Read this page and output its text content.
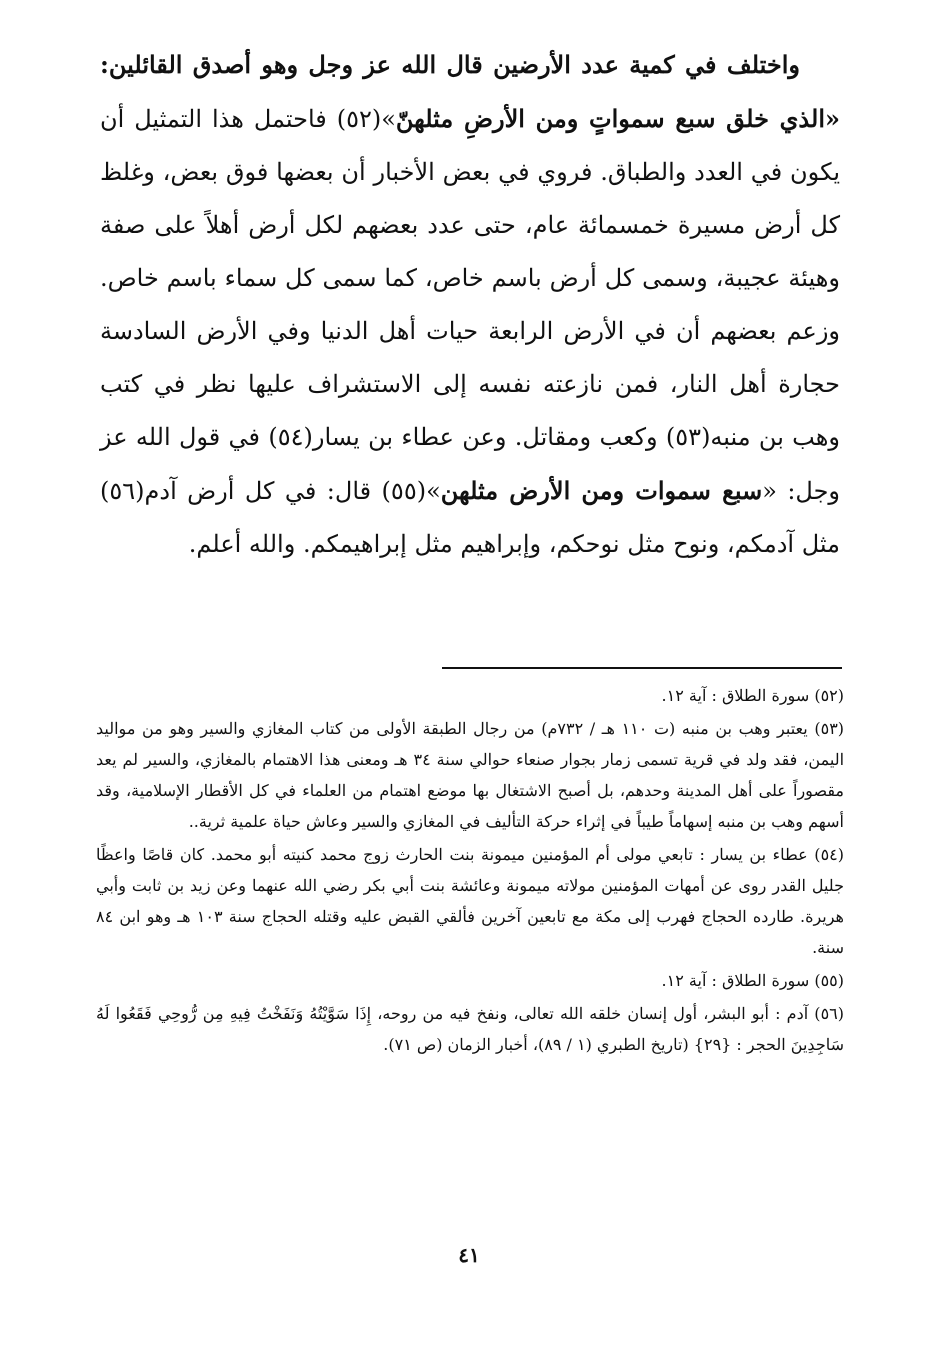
واختلف في كمية عدد الأرضين قال الله عز وجل وهو أصدق القائلين: «الذي خلق سبع سمواتٍ ومن الأرضِ مثلهنّ»(٥٢) فاحتمل هذا التمثيل أن يكون في العدد والطباق. فروي في بعض الأخبار أن بعضها فوق بعض، وغلظ كل أرض مسيرة خمسمائة عام، حتى عدد بعضهم لكل أرض أهلاً على صفة وهيئة عجيبة، وسمى كل أرض باسم خاص، كما سمى كل سماء باسم خاص. وزعم بعضهم أن في الأرض الرابعة حيات أهل الدنيا وفي الأرض السادسة حجارة أهل النار، فمن نازعته نفسه إلى الاستشراف عليها نظر في كتب وهب بن منبه(٥٣) وكعب ومقاتل. وعن عطاء بن يسار(٥٤) في قول الله عز وجل: «سبع سموات ومن الأرض مثلهن»(٥٥) قال: في كل أرض آدم(٥٦) مثل آدمكم، ونوح مثل نوحكم، وإبراهيم مثل إبراهيمكم. والله أعلم.

(٥٢) سورة الطلاق : آية ١٢.

(٥٣) يعتبر وهب بن منبه (ت ١١٠ هـ / ٧٣٢م) من رجال الطبقة الأولى من كتاب المغازي والسير وهو من مواليد اليمن، فقد ولد في قرية تسمى زمار بجوار صنعاء حوالي سنة ٣٤ هـ ومعنى هذا الاهتمام بالمغازي، والسير لم يعد مقصوراً على أهل المدينة وحدهم، بل أصبح الاشتغال بها موضع اهتمام من العلماء في كل الأقطار الإسلامية، وقد أسهم وهب بن منبه إسهاماً طيباً في إثراء حركة التأليف في المغازي والسير وعاش حياة علمية ثرية..

(٥٤) عطاء بن يسار : تابعي مولى أم المؤمنين ميمونة بنت الحارث زوج محمد كنيته أبو محمد. كان قاصًا واعظًا جليل القدر روى عن أمهات المؤمنين مولاته ميمونة وعائشة بنت أبي بكر رضي الله عنهما وعن زيد بن ثابت وأبي هريرة. طارده الحجاج فهرب إلى مكة مع تابعين آخرين فألقي القبض عليه وقتله الحجاج سنة ١٠٣ هـ وهو ابن ٨٤ سنة.

(٥٥) سورة الطلاق : آية ١٢.

(٥٦) آدم : أبو البشر، أول إنسان خلقه الله تعالى، ونفخ فيه من روحه، إِذَا سَوَّيْتُهُ وَنَفَخْتُ فِيهِ مِن رُّوحِي فَقَعُوا لَهُ سَاجِدِينَ الحجر : {٢٩} (تاريخ الطبري (١ / ٨٩)، أخبار الزمان (ص ٧١).

٤١
